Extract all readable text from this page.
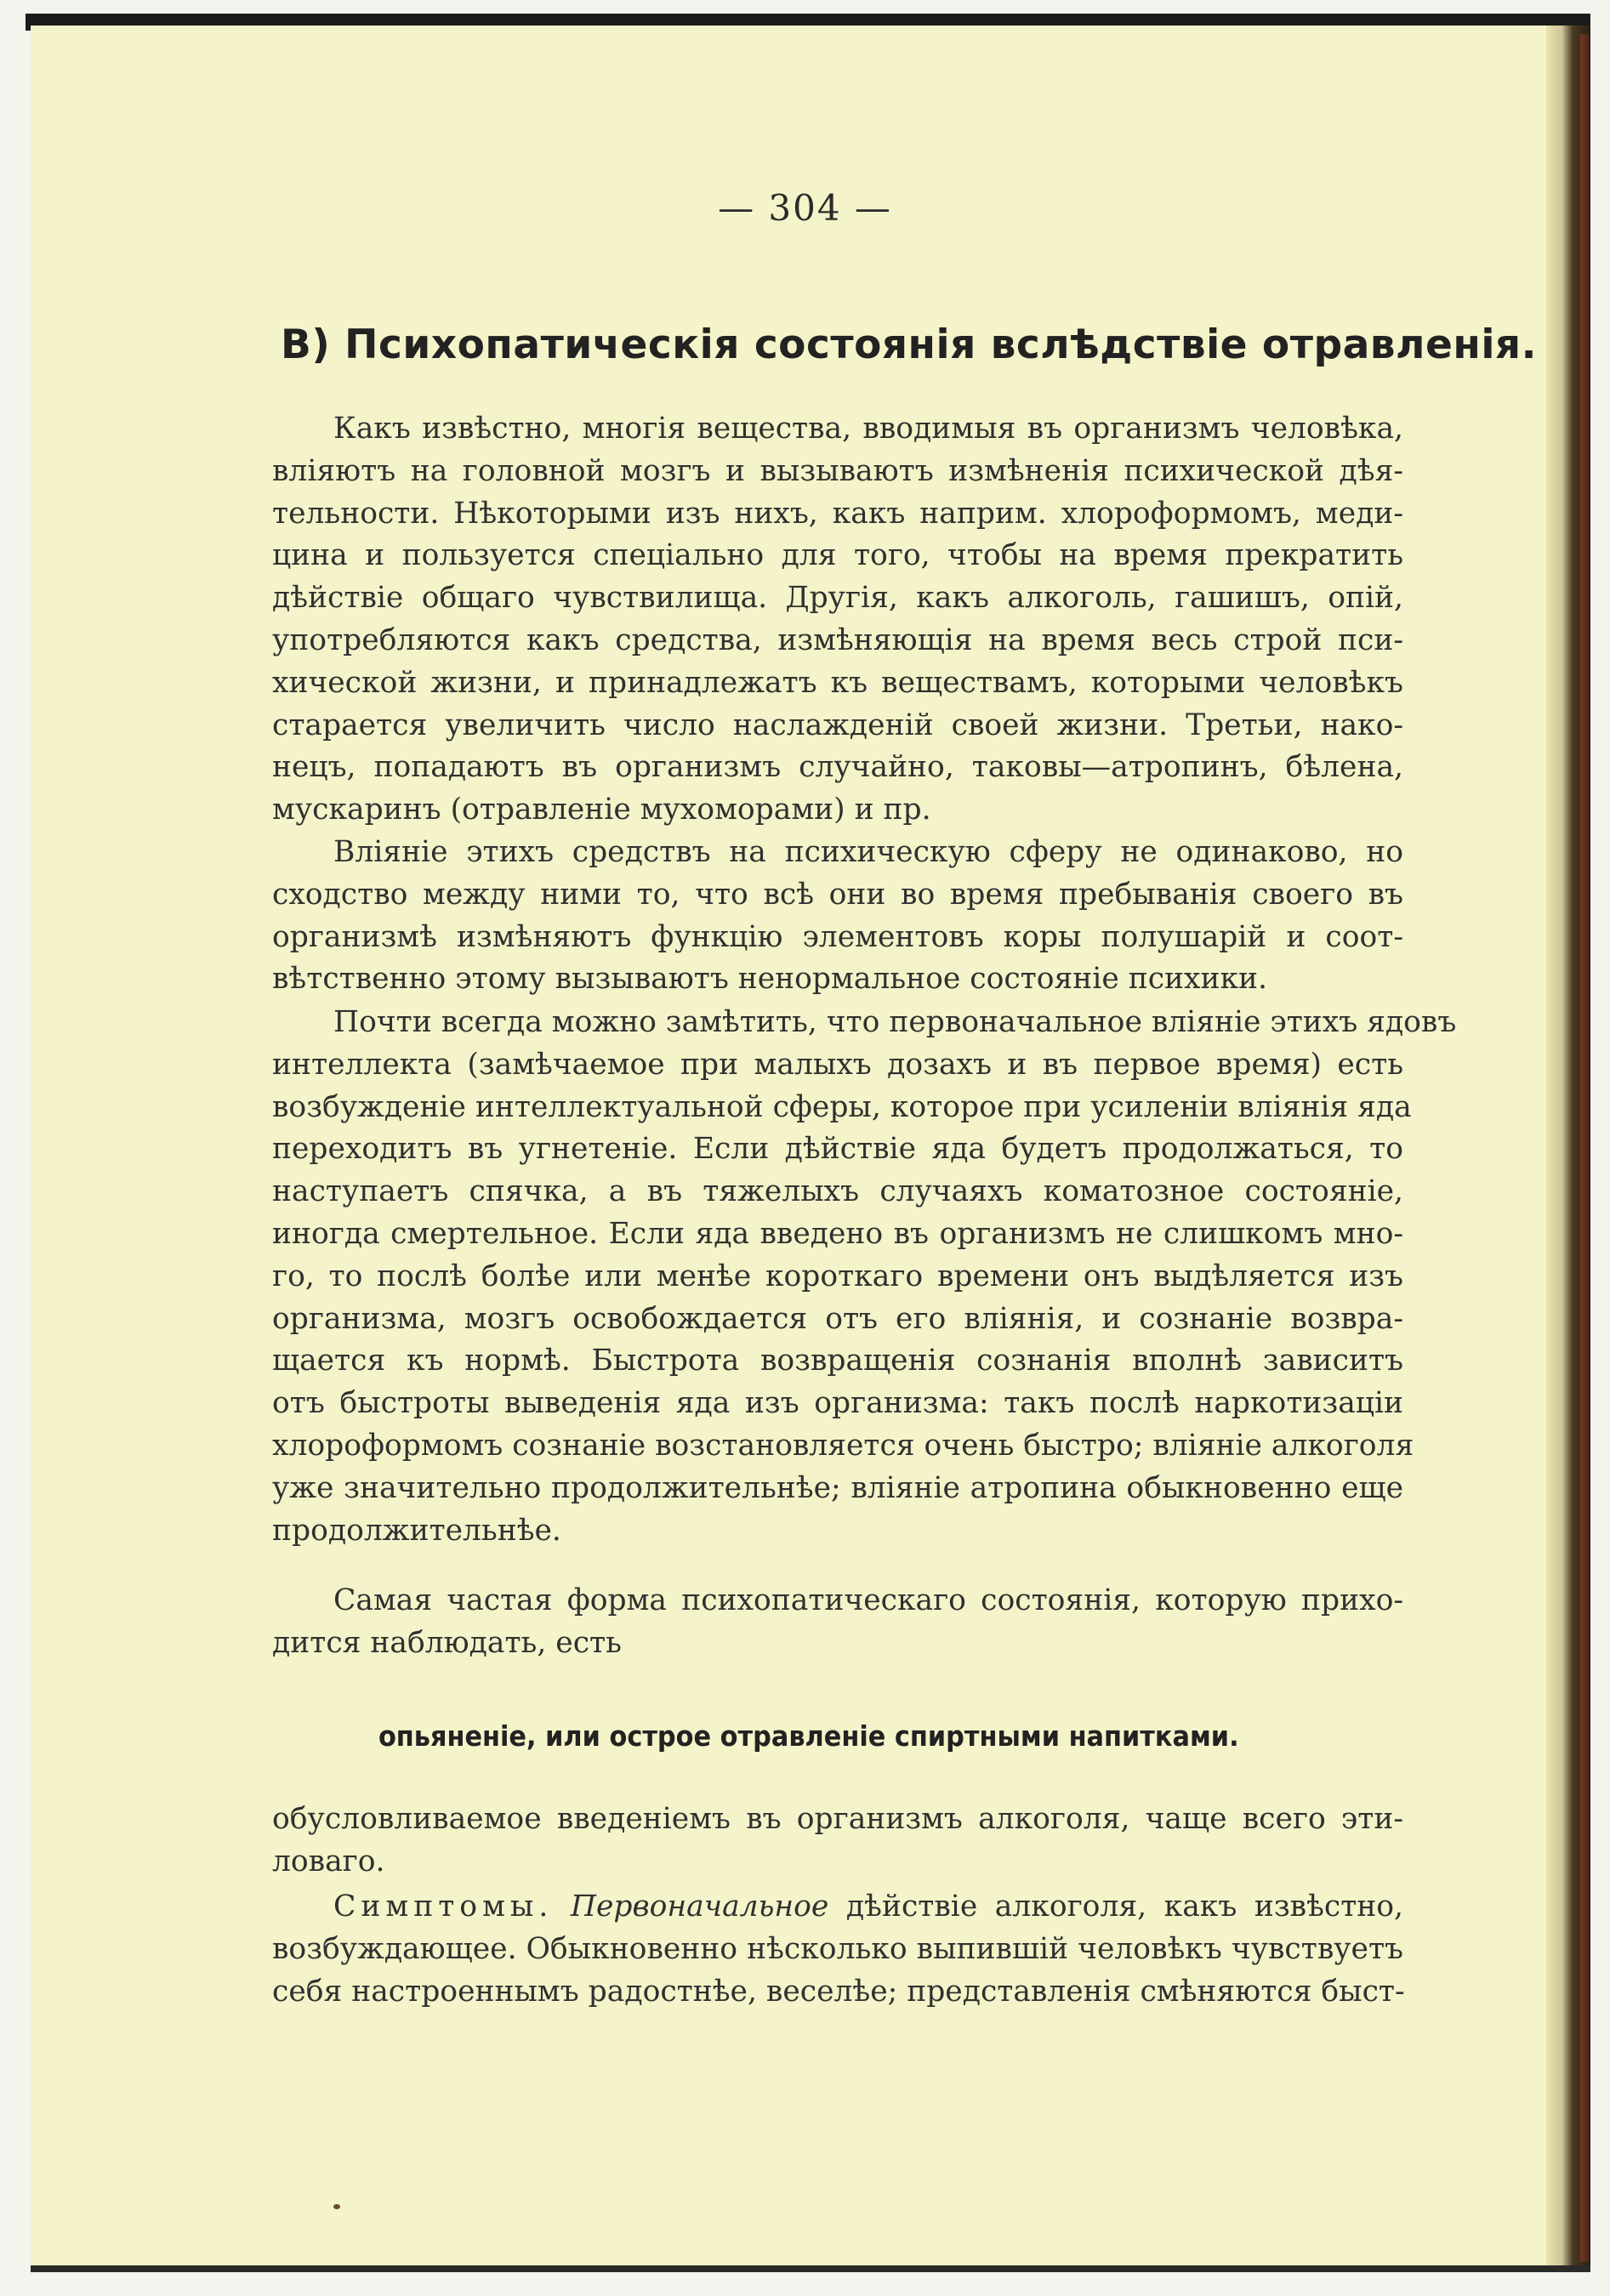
— 304 —
В) Психопатическія состоянія вслѣдствіе отравленія.
Какъ извѣстно, многія вещества, вводимыя въ организмъ человѣка,
вліяютъ на головной мозгъ и вызываютъ измѣненія психической дѣя-
тельности. Нѣкоторыми изъ нихъ, какъ наприм. хлороформомъ, меди-
цина и пользуется спеціально для того, чтобы на время прекратить
дѣйствіе общаго чувствилища. Другія, какъ алкоголь, гашишъ, опій,
употребляются какъ средства, измѣняющія на время весь строй пси-
хической жизни, и принадлежатъ къ веществамъ, которыми человѣкъ
старается увеличить число наслажденій своей жизни. Третьи, нако-
нецъ, попадаютъ въ организмъ случайно, таковы—атропинъ, бѣлена,
мускаринъ (отравленіе мухоморами) и пр.
Вліяніе этихъ средствъ на психическую сферу не одинаково, но
сходство между ними то, что всѣ они во время пребыванія своего въ
организмѣ измѣняютъ функцію элементовъ коры полушарій и соот-
вѣтственно этому вызываютъ ненормальное состояніе психики.
Почти всегда можно замѣтить, что первоначальное вліяніе этихъ ядовъ
интеллекта (замѣчаемое при малыхъ дозахъ и въ первое время) есть
возбужденіе интеллектуальной сферы, которое при усиленіи вліянія яда
переходитъ въ угнетеніе. Если дѣйствіе яда будетъ продолжаться, то
наступаетъ спячка, а въ тяжелыхъ случаяхъ коматозное состояніе,
иногда смертельное. Если яда введено въ организмъ не слишкомъ мно-
го, то послѣ болѣе или менѣе короткаго времени онъ выдѣляется изъ
организма, мозгъ освобождается отъ его вліянія, и сознаніе возвра-
щается къ нормѣ. Быстрота возвращенія сознанія вполнѣ зависитъ
отъ быстроты выведенія яда изъ организма: такъ послѣ наркотизаціи
хлороформомъ сознаніе возстановляется очень быстро; вліяніе алкоголя
уже значительно продолжительнѣе; вліяніе атропина обыкновенно еще
продолжительнѣе.
Самая частая форма психопатическаго состоянія, которую прихо-
дится наблюдать, есть
опьяненіе, или острое отравленіе спиртными напитками.
обусловливаемое введеніемъ въ организмъ алкоголя, чаще всего эти-
ловаго.
Симптомы. Первоначальное дѣйствіе алкоголя, какъ извѣстно,
возбуждающее. Обыкновенно нѣсколько выпившій человѣкъ чувствуетъ
себя настроеннымъ радостнѣе, веселѣе; представленія смѣняются быст-
